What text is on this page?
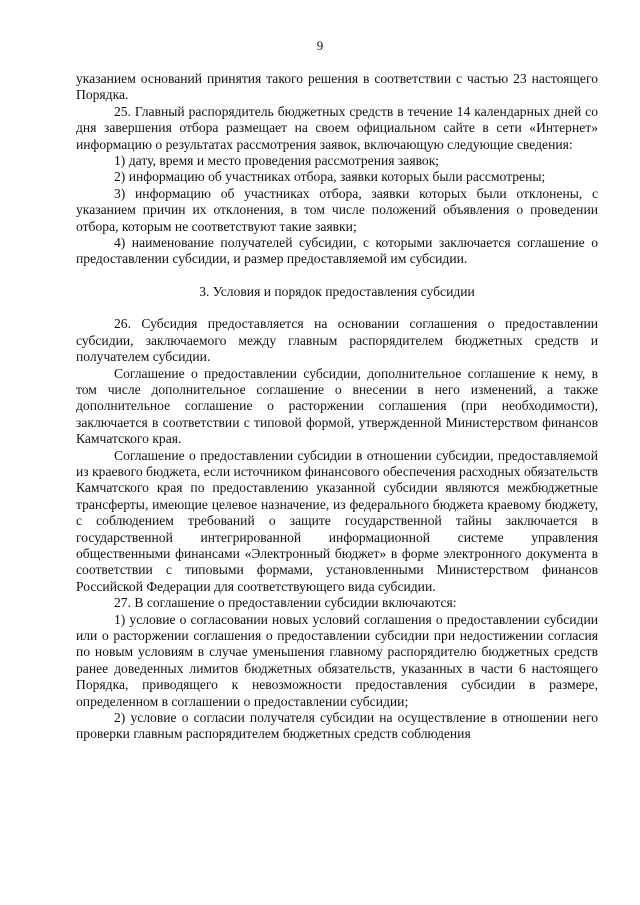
9

указанием оснований принятия такого решения в соответствии с частью 23 настоящего Порядка.

25. Главный распорядитель бюджетных средств в течение 14 календарных дней со дня завершения отбора размещает на своем официальном сайте в сети «Интернет» информацию о результатах рассмотрения заявок, включающую следующие сведения:

1) дату, время и место проведения рассмотрения заявок;

2) информацию об участниках отбора, заявки которых были рассмотрены;

3) информацию об участниках отбора, заявки которых были отклонены, с указанием причин их отклонения, в том числе положений объявления о проведении отбора, которым не соответствуют такие заявки;

4) наименование получателей субсидии, с которыми заключается соглашение о предоставлении субсидии, и размер предоставляемой им субсидии.

3. Условия и порядок предоставления субсидии

26. Субсидия предоставляется на основании соглашения о предоставлении субсидии, заключаемого между главным распорядителем бюджетных средств и получателем субсидии.

Соглашение о предоставлении субсидии, дополнительное соглашение к нему, в том числе дополнительное соглашение о внесении в него изменений, а также дополнительное соглашение о расторжении соглашения (при необходимости), заключается в соответствии с типовой формой, утвержденной Министерством финансов Камчатского края.

Соглашение о предоставлении субсидии в отношении субсидии, предоставляемой из краевого бюджета, если источником финансового обеспечения расходных обязательств Камчатского края по предоставлению указанной субсидии являются межбюджетные трансферты, имеющие целевое назначение, из федерального бюджета краевому бюджету, с соблюдением требований о защите государственной тайны заключается в государственной интегрированной информационной системе управления общественными финансами «Электронный бюджет» в форме электронного документа в соответствии с типовыми формами, установленными Министерством финансов Российской Федерации для соответствующего вида субсидии.

27. В соглашение о предоставлении субсидии включаются:

1) условие о согласовании новых условий соглашения о предоставлении субсидии или о расторжении соглашения о предоставлении субсидии при недостижении согласия по новым условиям в случае уменьшения главному распорядителю бюджетных средств ранее доведенных лимитов бюджетных обязательств, указанных в части 6 настоящего Порядка, приводящего к невозможности предоставления субсидии в размере, определенном в соглашении о предоставлении субсидии;

2) условие о согласии получателя субсидии на осуществление в отношении него проверки главным распорядителем бюджетных средств соблюдения
